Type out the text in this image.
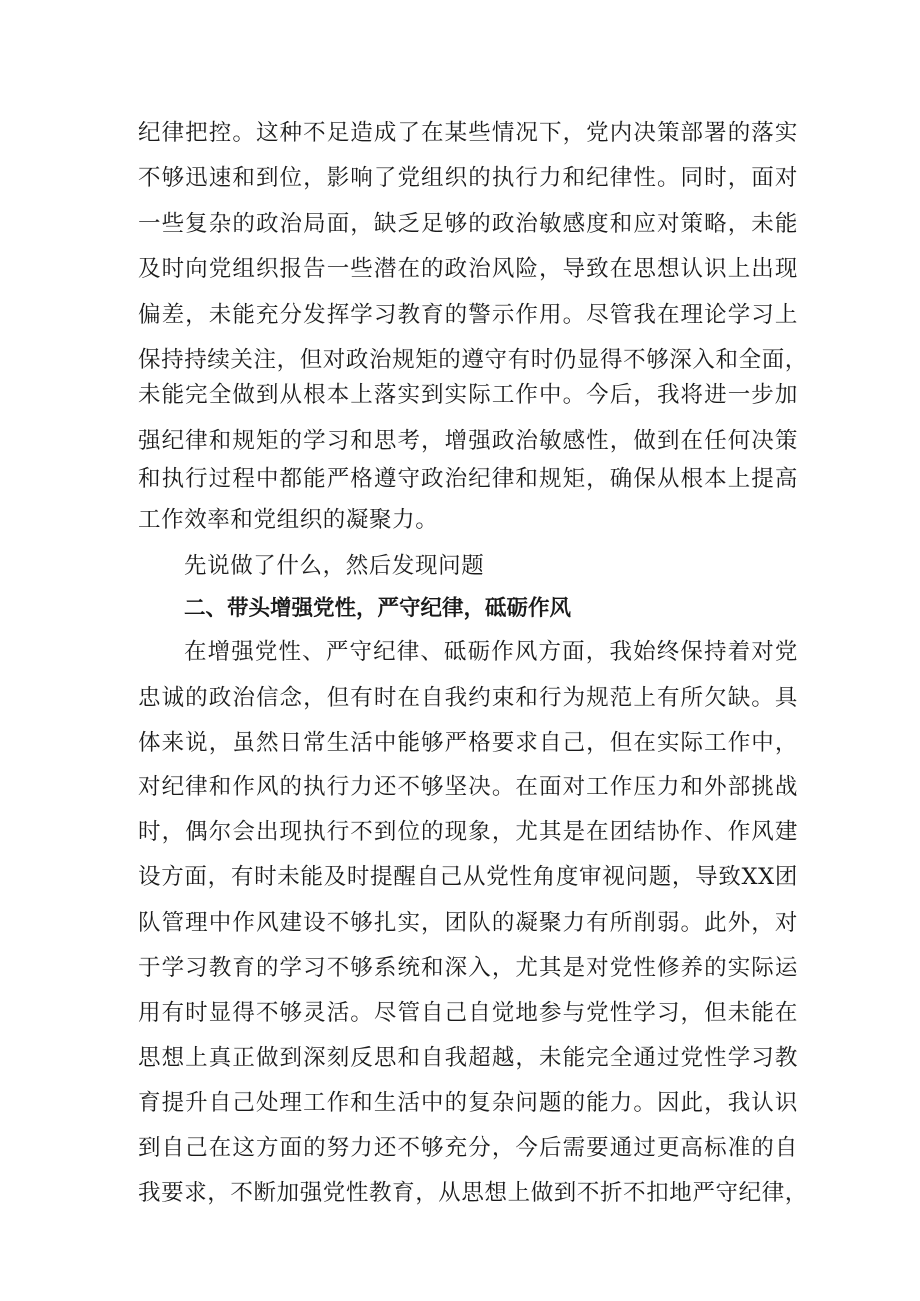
纪律把控。这种不足造成了在某些情况下，党内决策部署的落实
不够迅速和到位，影响了党组织的执行力和纪律性。同时，面对
一些复杂的政治局面，缺乏足够的政治敏感度和应对策略，未能
及时向党组织报告一些潜在的政治风险，导致在思想认识上出现
偏差，未能充分发挥学习教育的警示作用。尽管我在理论学习上
保持持续关注，但对政治规矩的遵守有时仍显得不够深入和全面，
未能完全做到从根本上落实到实际工作中。今后，我将进一步加
强纪律和规矩的学习和思考，增强政治敏感性，做到在任何决策
和执行过程中都能严格遵守政治纪律和规矩，确保从根本上提高
工作效率和党组织的凝聚力。
先说做了什么，然后发现问题
二、带头增强党性，严守纪律，砥砺作风
在增强党性、严守纪律、砥砺作风方面，我始终保持着对党
忠诚的政治信念，但有时在自我约束和行为规范上有所欠缺。具
体来说，虽然日常生活中能够严格要求自己，但在实际工作中，
对纪律和作风的执行力还不够坚决。在面对工作压力和外部挑战
时，偶尔会出现执行不到位的现象，尤其是在团结协作、作风建
设方面，有时未能及时提醒自己从党性角度审视问题，导致XX团
队管理中作风建设不够扎实，团队的凝聚力有所削弱。此外，对
于学习教育的学习不够系统和深入，尤其是对党性修养的实际运
用有时显得不够灵活。尽管自己自觉地参与党性学习，但未能在
思想上真正做到深刻反思和自我超越，未能完全通过党性学习教
育提升自己处理工作和生活中的复杂问题的能力。因此，我认识
到自己在这方面的努力还不够充分，今后需要通过更高标准的自
我要求，不断加强党性教育，从思想上做到不折不扣地严守纪律，
